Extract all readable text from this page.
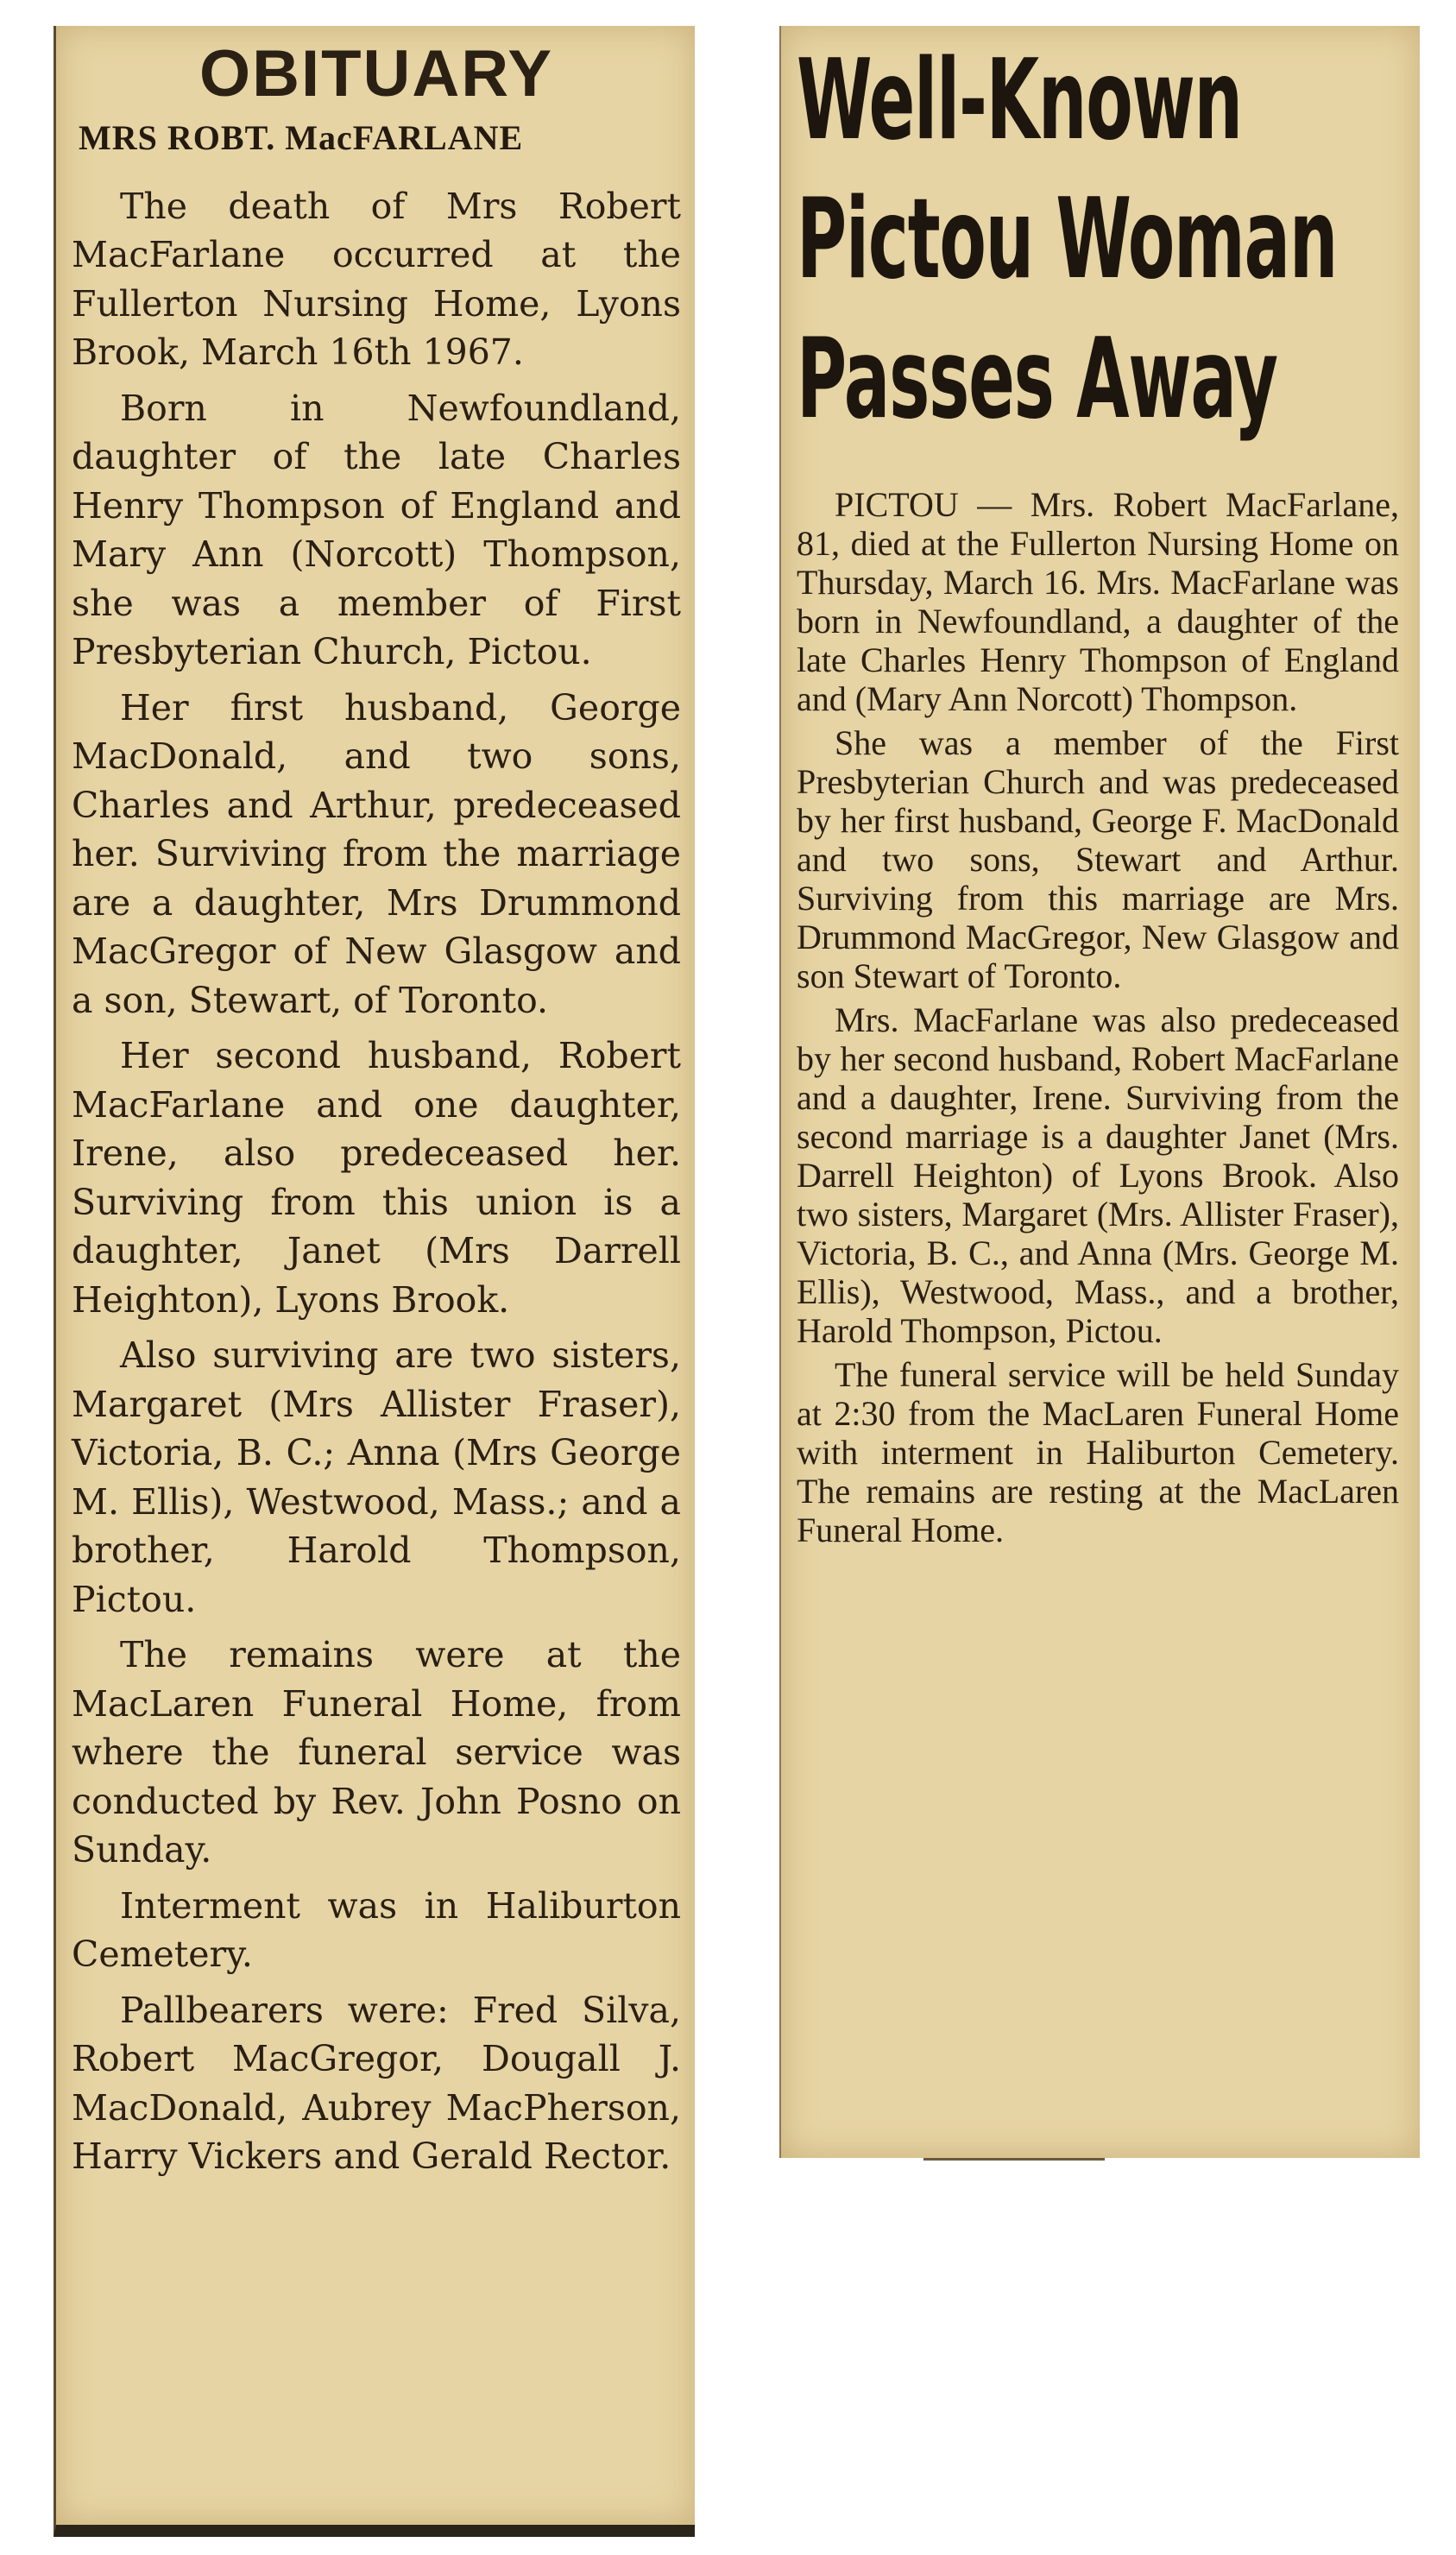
OBITUARY
MRS ROBT. MacFARLANE

The death of Mrs Robert MacFarlane occurred at the Fullerton Nursing Home, Lyons Brook, March 16th 1967.

Born in Newfoundland, daughter of the late Charles Henry Thompson of England and Mary Ann (Norcott) Thompson, she was a member of First Presbyterian Church, Pictou.

Her first husband, George MacDonald, and two sons, Charles and Arthur, predeceased her. Surviving from the marriage are a daughter, Mrs Drummond MacGregor of New Glasgow and a son, Stewart, of Toronto.

Her second husband, Robert MacFarlane and one daughter, Irene, also predeceased her. Surviving from this union is a daughter, Janet (Mrs Darrell Heighton), Lyons Brook.

Also surviving are two sisters, Margaret (Mrs Allister Fraser), Victoria, B. C.; Anna (Mrs George M. Ellis), Westwood, Mass.; and a brother, Harold Thompson, Pictou.

The remains were at the MacLaren Funeral Home, from where the funeral service was conducted by Rev. John Posno on Sunday.

Interment was in Haliburton Cemetery.

Pallbearers were: Fred Silva, Robert MacGregor, Dougall J. MacDonald, Aubrey MacPherson, Harry Vickers and Gerald Rector.

Well-Known
Pictou Woman
Passes Away

PICTOU — Mrs. Robert MacFarlane, 81, died at the Fullerton Nursing Home on Thursday, March 16. Mrs. MacFarlane was born in Newfoundland, a daughter of the late Charles Henry Thompson of England and (Mary Ann Norcott) Thompson.

She was a member of the First Presbyterian Church and was predeceased by her first husband, George F. MacDonald and two sons, Stewart and Arthur. Surviving from this marriage are Mrs. Drummond MacGregor, New Glasgow and son Stewart of Toronto.

Mrs. MacFarlane was also predeceased by her second husband, Robert MacFarlane and a daughter, Irene. Surviving from the second marriage is a daughter Janet (Mrs. Darrell Heighton) of Lyons Brook. Also two sisters, Margaret (Mrs. Allister Fraser), Victoria, B. C., and Anna (Mrs. George M. Ellis), Westwood, Mass., and a brother, Harold Thompson, Pictou.

The funeral service will be held Sunday at 2:30 from the MacLaren Funeral Home with interment in Haliburton Cemetery. The remains are resting at the MacLaren Funeral Home.
